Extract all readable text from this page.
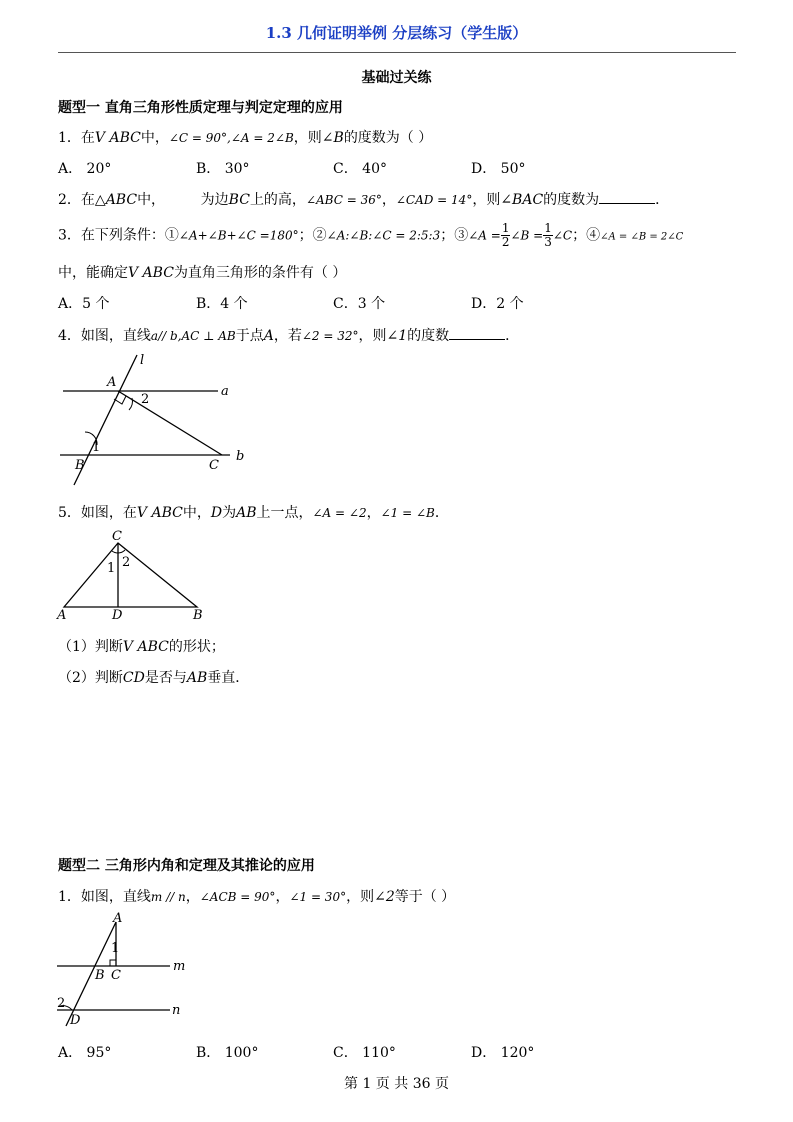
1.3 几何证明举例 分层练习（学生版）
基础过关练
题型一 直角三角形性质定理与判定定理的应用
1．在V ABC中，∠C = 90°,∠A = 2∠B，则∠B的度数为（ ）
A． 20°	B． 30°	C． 40°	D． 50°
2．在△ABC中，        为边BC上的高，∠ABC = 36°，∠CAD = 14°，则∠BAC的度数为	．
3．在下列条件：①∠A+∠B+∠C =180°；②∠A:∠B:∠C = 2:5:3；③∠A = $\frac{1}{2}$ ∠B = $\frac{1}{3}$ ∠C；④∠A = ∠B = 2∠C
中，能确定V ABC为直角三角形的条件有（ ）
A．5 个	B．4 个	C．3 个	D．2 个
4．如图，直线a// b,AC ⊥ AB于点A，若∠2 = 32°，则∠1的度数	．
l
a
b
A
B	C
1
2
5．如图，在V ABC中，D为AB上一点，∠A = ∠2，∠1 = ∠B．
C
A	D	B
1 2
（1）判断V ABC的形状；
（2）判断CD是否与AB垂直．
题型二 三角形内角和定理及其推论的应用
1．如图，直线m // n，∠ACB = 90°，∠1 = 30°，则∠2等于（ ）
A
B C
D
m
n
1
2
A． 95°	B． 100°	C． 110°	D． 120°
第 1 页 共 36 页
